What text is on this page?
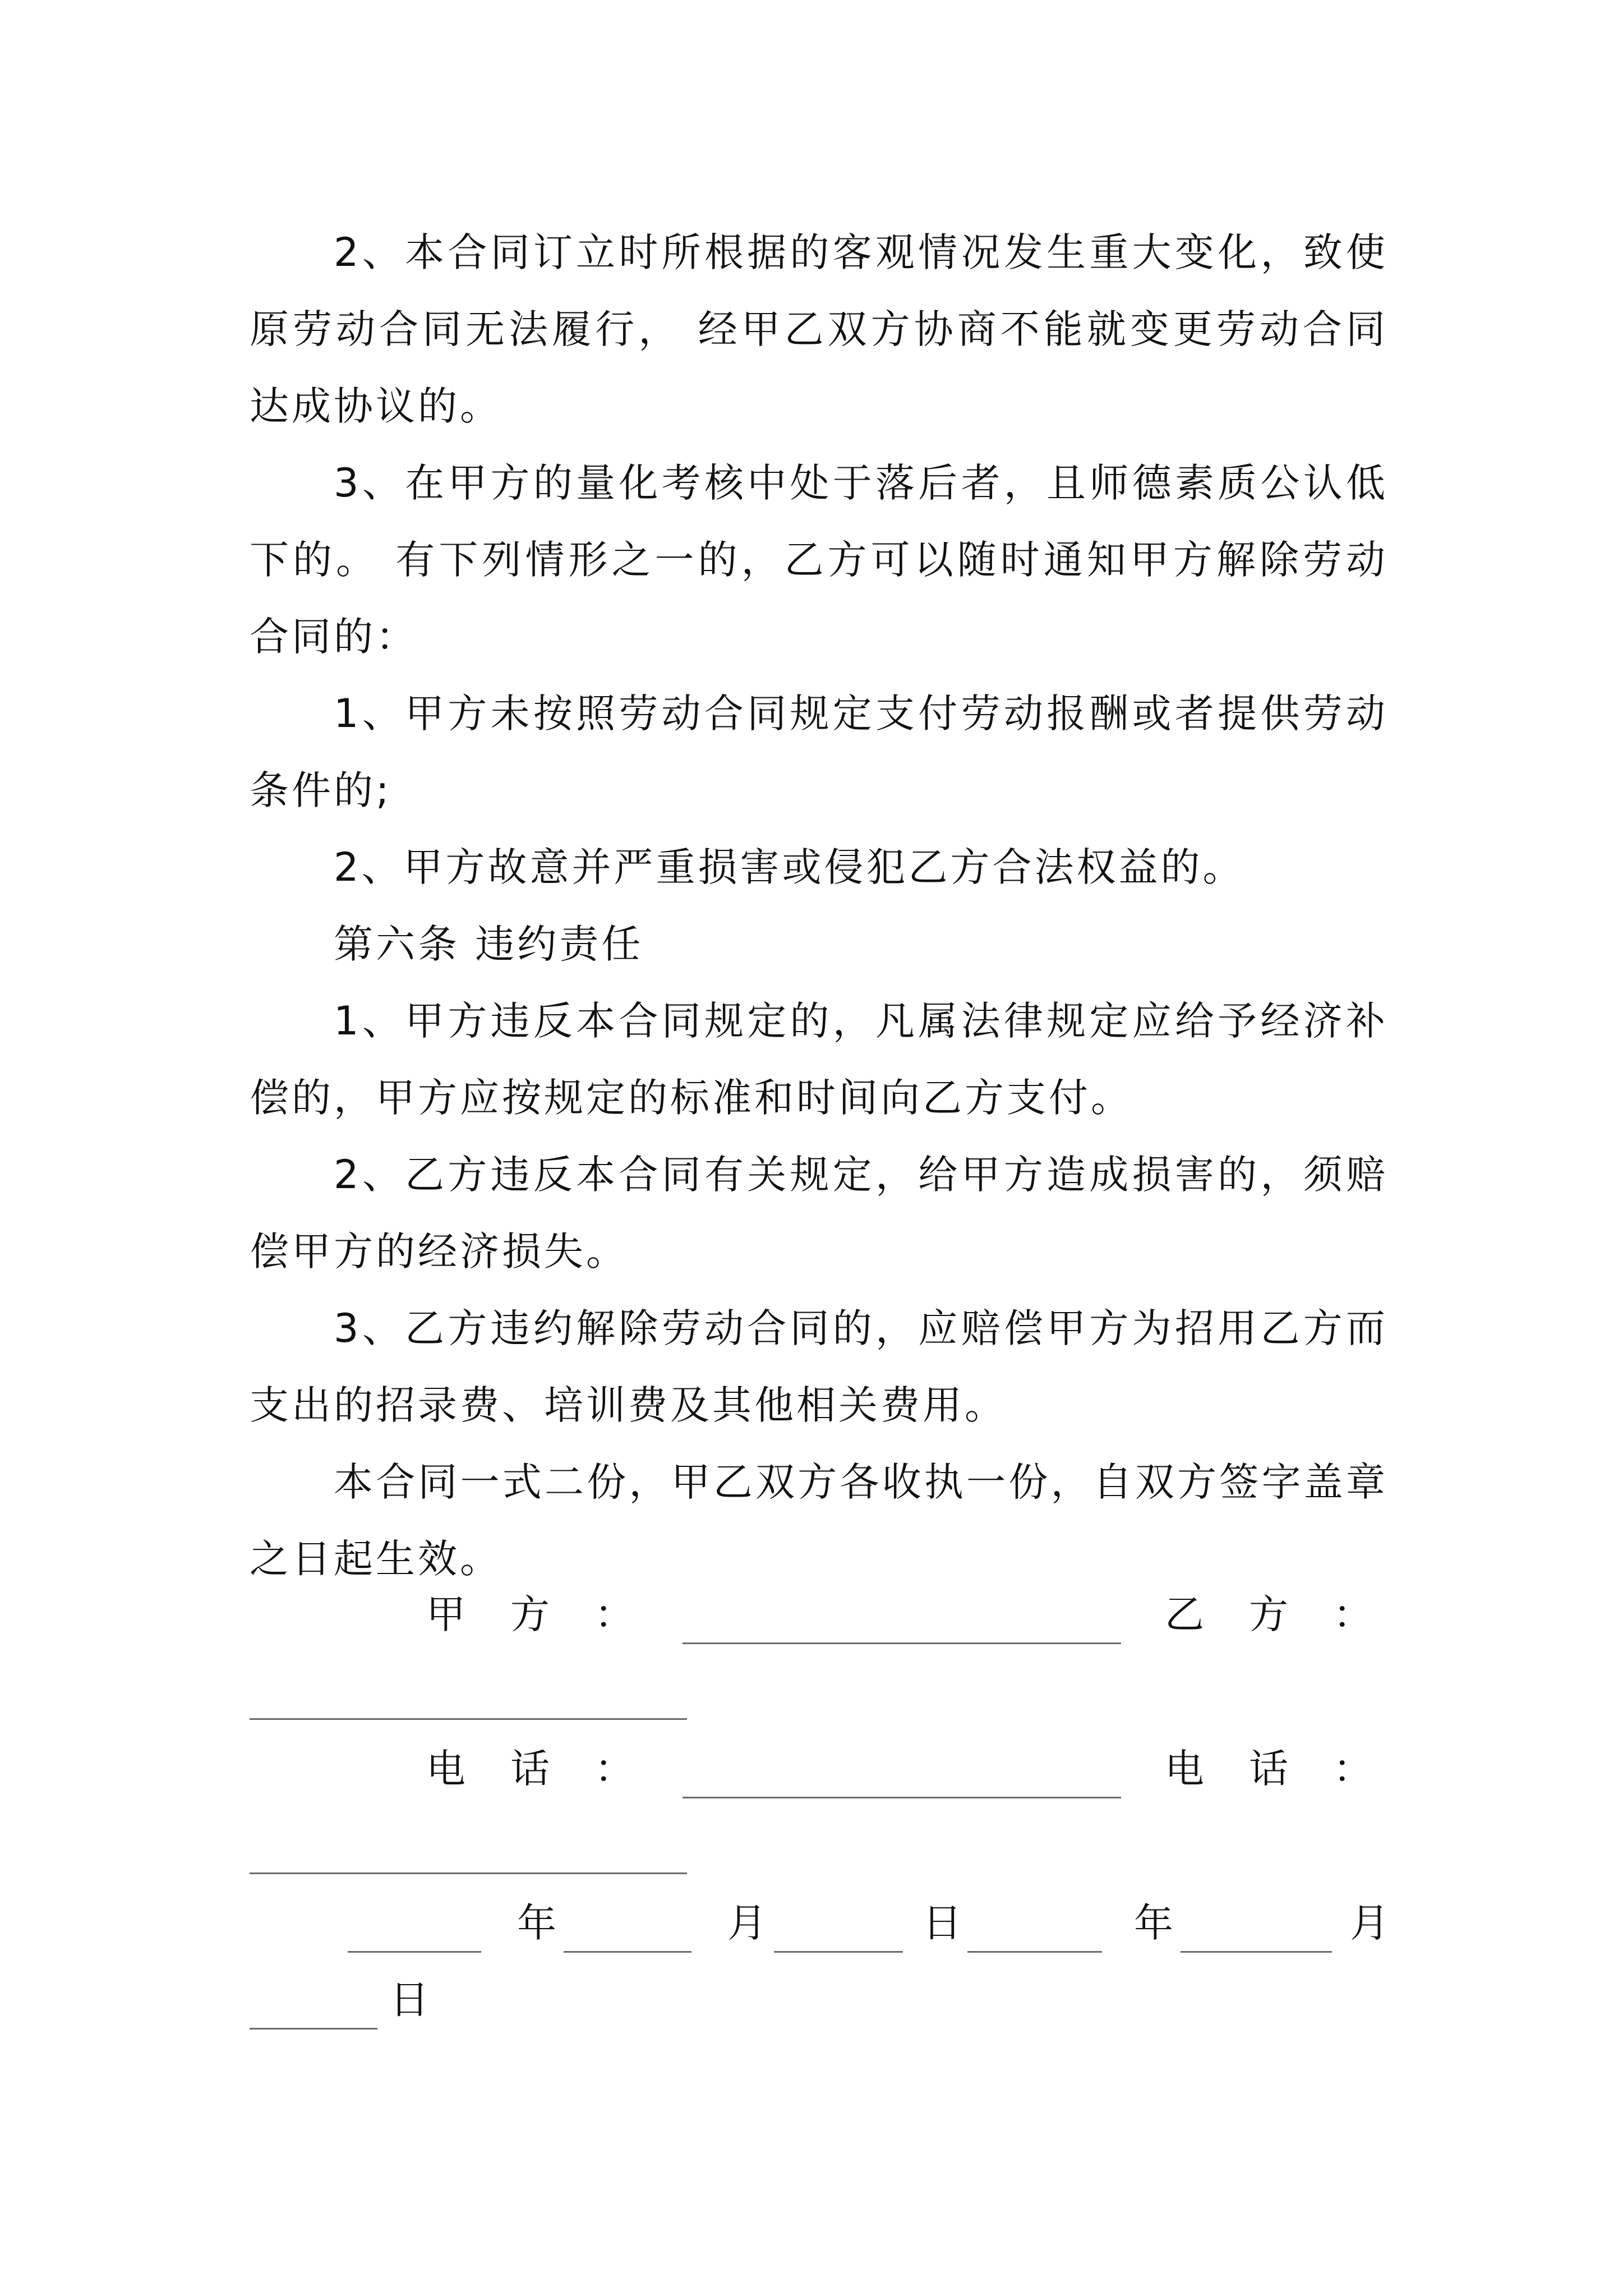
2、本合同订立时所根据的客观情况发生重大变化，致使原劳动合同无法履行， 经甲乙双方协商不能就变更劳动合同达成协议的。

3、在甲方的量化考核中处于落后者，且师德素质公认低下的。 有下列情形之一的，乙方可以随时通知甲方解除劳动合同的：

1、甲方未按照劳动合同规定支付劳动报酬或者提供劳动条件的;

2、甲方故意并严重损害或侵犯乙方合法权益的。

第六条 违约责任

1、甲方违反本合同规定的，凡属法律规定应给予经济补偿的，甲方应按规定的标准和时间向乙方支付。

2、乙方违反本合同有关规定，给甲方造成损害的，须赔偿甲方的经济损失。

3、乙方违约解除劳动合同的，应赔偿甲方为招用乙方而支出的招录费、培训费及其他相关费用。

本合同一式二份，甲乙双方各收执一份，自双方签字盖章之日起生效。

甲　方　：	乙　方　：
电　话　：	电　话　：
年	月	日	年	月
日
